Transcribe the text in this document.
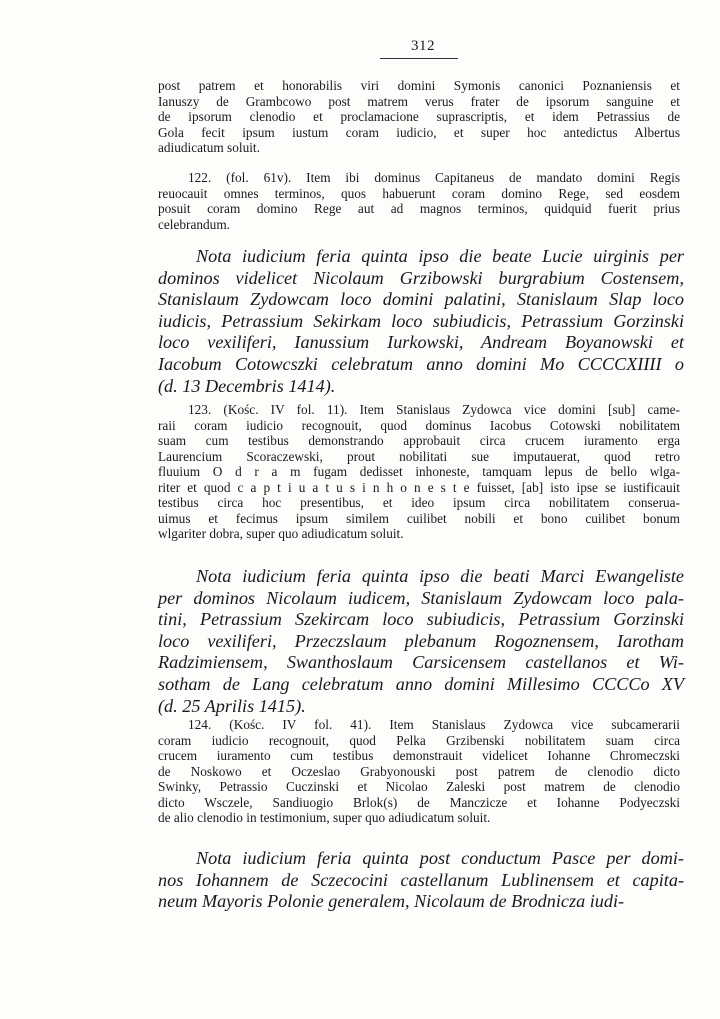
312
post patrem et honorabilis viri domini Symonis canonici Poznaniensis et
Ianuszy de Grambcowo post matrem verus frater de ipsorum sanguine et
de ipsorum clenodio et proclamacione suprascriptis, et idem Petrassius de
Gola fecit ipsum iustum coram iudicio, et super hoc antedictus Albertus
adiudicatum soluit.
122. (fol. 61v). Item ibi dominus Capitaneus de mandato domini Regis
reuocauit omnes terminos, quos habuerunt coram domino Rege, sed eosdem
posuit coram domino Rege aut ad magnos terminos, quidquid fuerit prius
celebrandum.
Nota iudicium feria quinta ipso die beate Lucie uirginis per
dominos videlicet Nicolaum Grzibowski burgrabium Costensem,
Stanislaum Zydowcam loco domini palatini, Stanislaum Slap loco
iudicis, Petrassium Sekirkam loco subiudicis, Petrassium Gorzinski
loco vexiliferi, Ianussium Iurkowski, Andream Boyanowski et
Iacobum Cotowcszki celebratum anno domini Mo CCCCXIIII o
(d. 13 Decembris 1414).
123. (Kośc. IV fol. 11). Item Stanislaus Zydowca vice domini [sub] came-
raii coram iudicio recognouit, quod dominus Iacobus Cotowski nobilitatem
suam cum testibus demonstrando approbauit circa crucem iuramento erga
Laurencium Scoraczewski, prout nobilitati sue imputauerat, quod retro
fluuium O d r a m fugam dedisset inhoneste, tamquam lepus de bello wlga-
riter et quod c a p t i u a t u s i n h o n e s t e fuisset, [ab] isto ipse se iustificauit
testibus circa hoc presentibus, et ideo ipsum circa nobilitatem conserua-
uimus et fecimus ipsum similem cuilibet nobili et bono cuilibet bonum
wlgariter dobra, super quo adiudicatum soluit.
Nota iudicium feria quinta ipso die beati Marci Ewangeliste
per dominos Nicolaum iudicem, Stanislaum Zydowcam loco pala-
tini, Petrassium Szekircam loco subiudicis, Petrassium Gorzinski
loco vexiliferi, Przeczslaum plebanum Rogoznensem, Iarotham
Radzimiensem, Swanthoslaum Carsicensem castellanos et Wi-
sotham de Lang celebratum anno domini Millesimo CCCCo XV
(d. 25 Aprilis 1415).
124. (Kośc. IV fol. 41). Item Stanislaus Zydowca vice subcamerarii
coram iudicio recognouit, quod Pelka Grzibenski nobilitatem suam circa
crucem iuramento cum testibus demonstrauit videlicet Iohanne Chromeczski
de Noskowo et Oczeslao Grabyonouski post patrem de clenodio dicto
Swinky, Petrassio Cuczinski et Nicolao Zaleski post matrem de clenodio
dicto Wsczele, Sandiuogio Brlok(s) de Manczicze et Iohanne Podyeczski
de alio clenodio in testimonium, super quo adiudicatum soluit.
Nota iudicium feria quinta post conductum Pasce per domi-
nos Iohannem de Sczecocini castellanum Lublinensem et capita-
neum Mayoris Polonie generalem, Nicolaum de Brodnicza iudi-
